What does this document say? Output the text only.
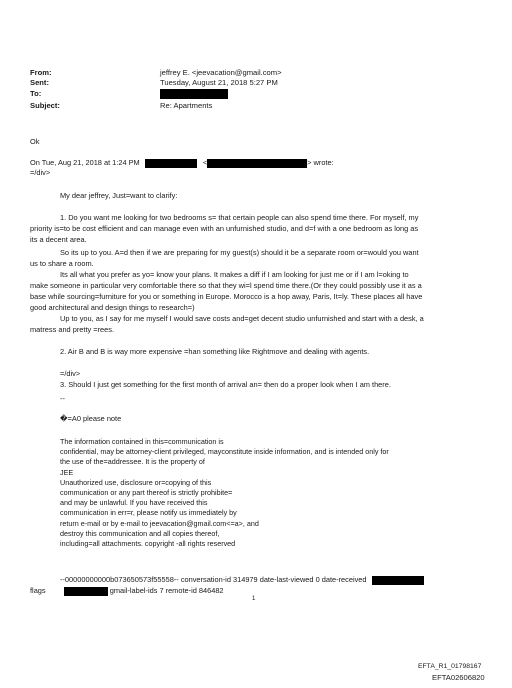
From:	jeffrey E. <jeevacation@gmail.com>
Sent:	Tuesday, August 21, 2018 5:27 PM
To:
Subject:	Re: Apartments
Ok
On Tue, Aug 21, 2018 at 1:24 PM	<	> wrote:
=/div>
My dear jeffrey, Just=want to clarify:
1. Do you want me looking for two bedrooms s= that certain people can also spend time there. For myself, my
priority is=to be cost efficient and can manage even with an unfurnished studio, and d=f with a one bedroom as long as
its a decent area.
So its up to you. A=d then if we are preparing for my guest(s) should it be a separate room or=would you want
us to share a room.
Its all what you prefer as yo= know your plans. It makes a diff if I am looking for just me or if I am l=oking to
make someone in particular very comfortable there so that they wi=l spend time there.(Or they could possibly use it as a
base while sourcing=furniture for you or something in Europe. Morocco is a hop away, Paris, It=ly. These places all have
good architectural and design things to research=)
Up to you, as I say for me myself I would save costs and=get decent studio unfurnished and start with a desk, a
matress and pretty =rees.
2. Air B and B is way more expensive =han something like Rightmove and dealing with agents.
=/div>
3. Should I just get something for the first month of arrival an= then do a proper look when I am there.
--
�=A0 please note
The information contained in this=communication is
confidential, may be attorney-client privileged, mayconstitute inside information, and is intended only for
the use of the=addressee. It is the property of
JEE
Unauthorized use, disclosure or=copying of this
communication or any part thereof is strictly prohibite=
and may be unlawful. If you have received this
communication in err=r, please notify us immediately by
return e-mail or by e-mail to jeevacation@gmail.com<=a>, and
destroy this communication and all copies thereof,
including=all attachments. copyright -all rights reserved
--00000000000b073650573f55558-- conversation-id 314979 date-last-viewed 0 date-received
flags	gmail-label-ids 7 remote-id 846482
1
EFTA_R1_01798167
EFTA02606820
